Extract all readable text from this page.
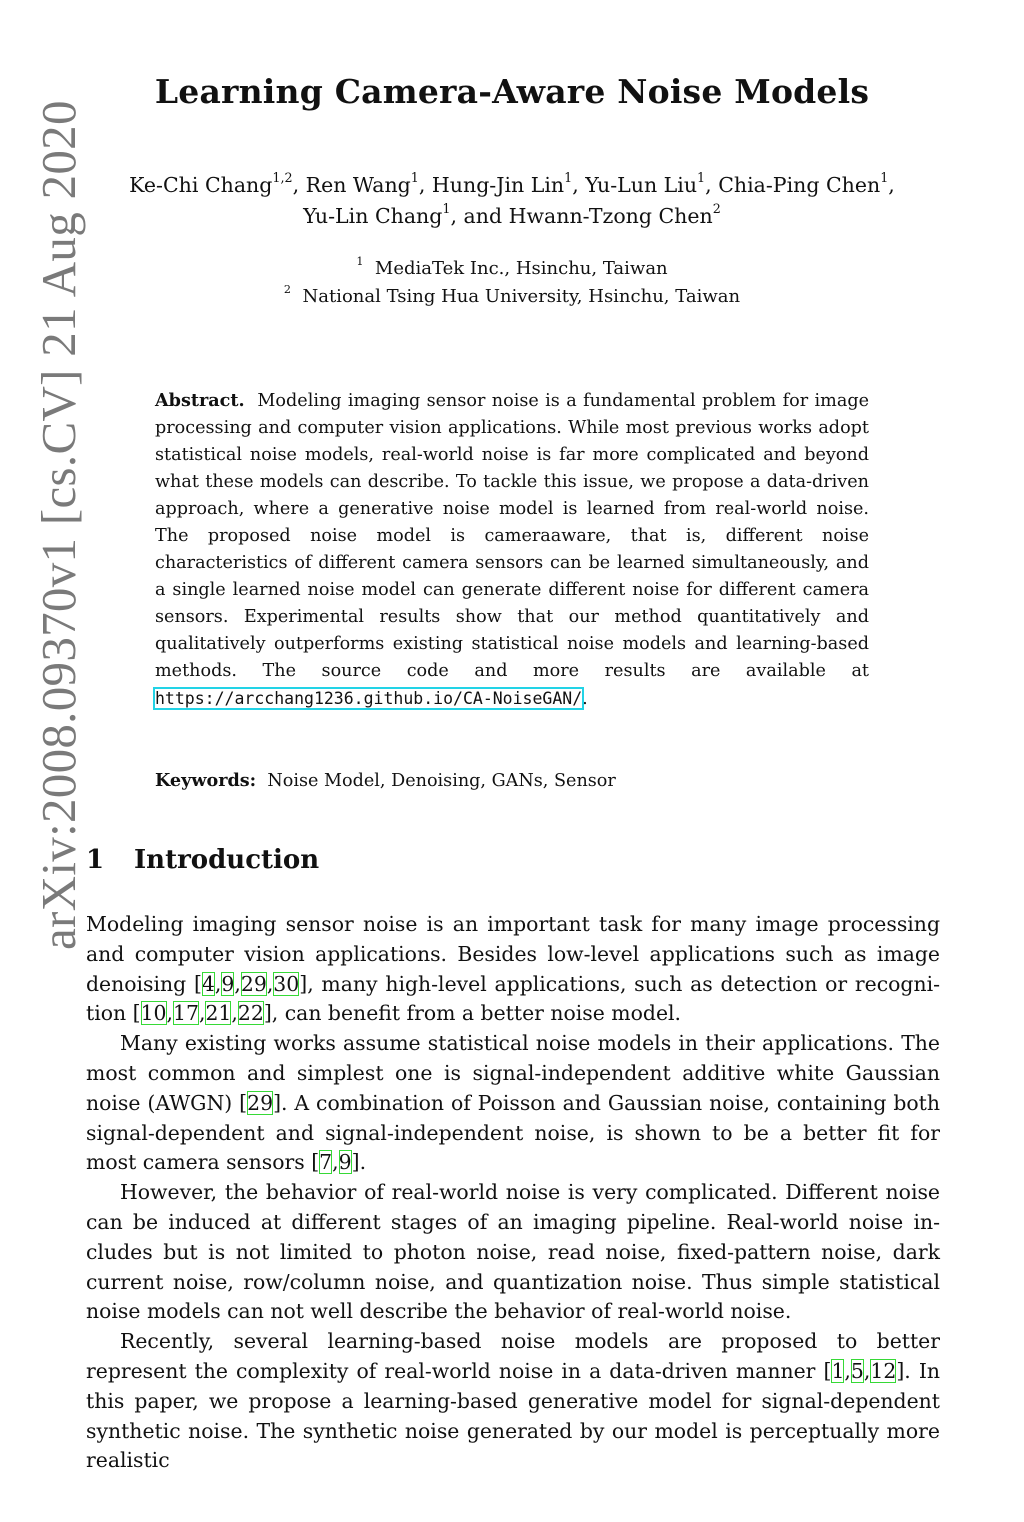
arXiv:2008.09370v1 [cs.CV] 21 Aug 2020
Learning Camera-Aware Noise Models
Ke-Chi Chang$^{1,2}$, Ren Wang$^1$, Hung-Jin Lin$^1$, Yu-Lun Liu$^1$, Chia-Ping Chen$^1$,
Yu-Lin Chang$^1$, and Hwann-Tzong Chen$^2$
$^1$ MediaTek Inc., Hsinchu, Taiwan
$^2$ National Tsing Hua University, Hsinchu, Taiwan
Abstract. Modeling imaging sensor noise is a fundamental problem for image processing and computer vision applications. While most previous works adopt statistical noise models, real-world noise is far more complicated and beyond what these models can describe. To tackle this issue, we propose a data-driven approach, where a generative noise model is learned from real-world noise. The proposed noise model is cameraaware, that is, different noise characteristics of different camera sensors can be learned simultaneously, and a single learned noise model can generate different noise for different camera sensors. Experimental results show that our method quantitatively and qualitatively outperforms existing statistical noise models and learning-based methods. The source code and more results are available at https://arcchang1236.github.io/CA-NoiseGAN/.
Keywords: Noise Model, Denoising, GANs, Sensor
1 Introduction

Modeling imaging sensor noise is an important task for many image processing and computer vision applications. Besides low-level applications such as image denoising [4,9,29,30], many high-level applications, such as detection or recognition [10,17,21,22], can benefit from a better noise model.

Many existing works assume statistical noise models in their applications. The most common and simplest one is signal-independent additive white Gaussian noise (AWGN) [29]. A combination of Poisson and Gaussian noise, containing both signal-dependent and signal-independent noise, is shown to be a better fit for most camera sensors [7,9].

However, the behavior of real-world noise is very complicated. Different noise can be induced at different stages of an imaging pipeline. Real-world noise includes but is not limited to photon noise, read noise, fixed-pattern noise, dark current noise, row/column noise, and quantization noise. Thus simple statistical noise models can not well describe the behavior of real-world noise.

Recently, several learning-based noise models are proposed to better represent the complexity of real-world noise in a data-driven manner [1,5,12]. In this paper, we propose a learning-based generative model for signal-dependent synthetic noise. The synthetic noise generated by our model is perceptually more realistic
